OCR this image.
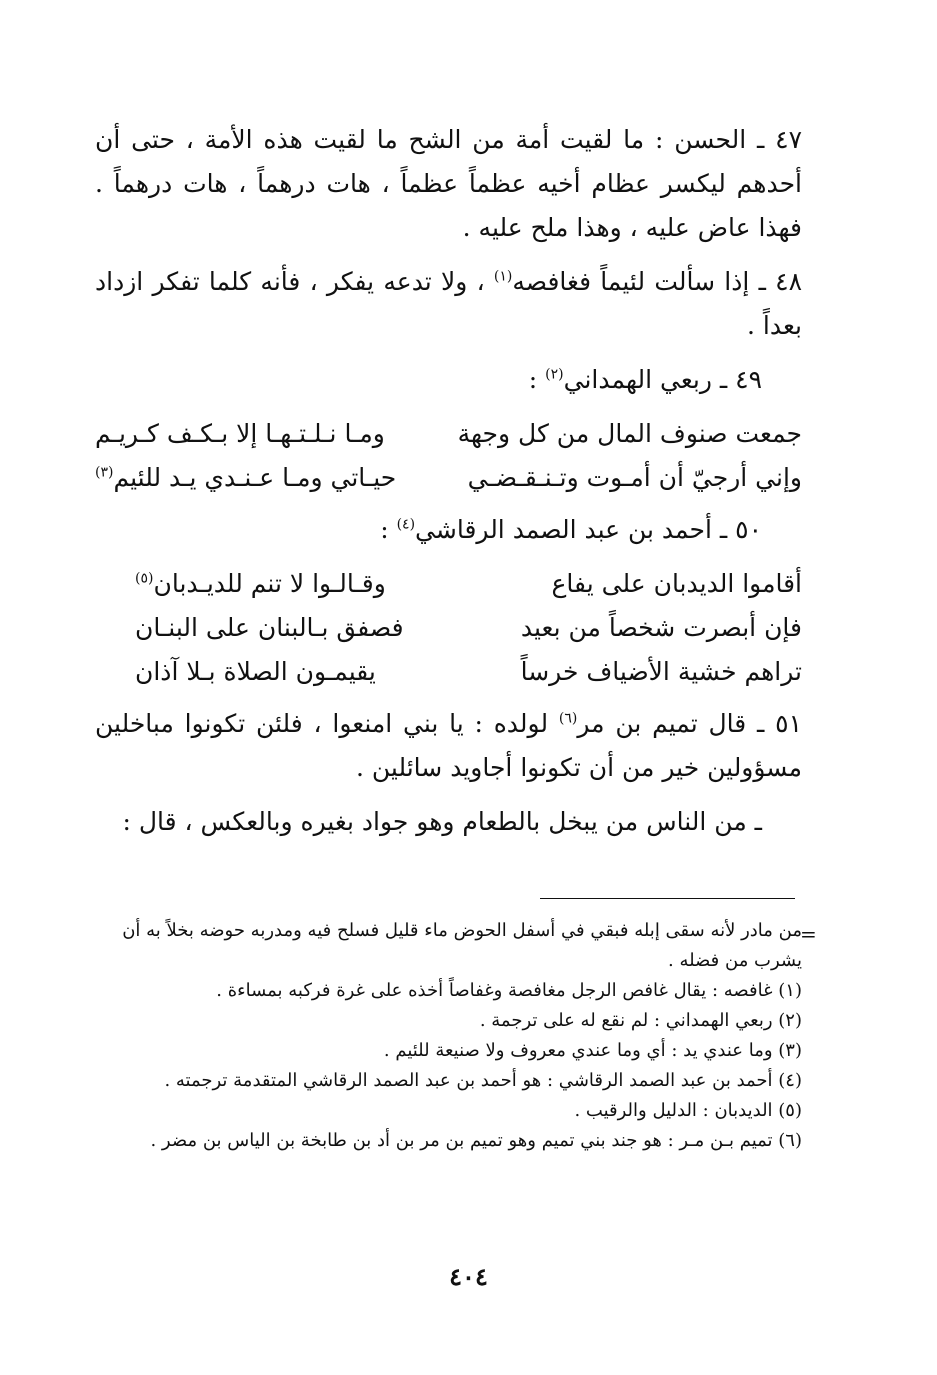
٤٧ ـ الحسن : ما لقيت أمة من الشح ما لقيت هذه الأمة ، حتى أن أحدهم ليكسر عظام أخيه عظماً عظماً ، هات درهماً ، هات درهماً . فهذا عاض عليه ، وهذا ملح عليه .

٤٨ ـ إذا سألت لئيماً فغافصه$^{(١)}$ ، ولا تدعه يفكر ، فأنه كلما تفكر ازداد بعداً .

٤٩ ـ ربعي الهمداني$^{(٢)}$ :

جمعت صنوف المال من كل وجهة
ومـا نـلـتـهـا إلا بـكـف كـريـم
وإني أرجيّ أن أمـوت وتـنـقـضـي
حيـاتي ومـا عـنـدي يـد للئيم$^{(٣)}$

٥٠ ـ أحمد بن عبد الصمد الرقاشي$^{(٤)}$ :

أقاموا الديدبان على يفاع
وقـالـوا لا تنم للديـدبان$^{(٥)}$
فإن أبصرت شخصاً من بعيد
فصفق بـالبنان على البنـان
تراهم خشية الأضياف خرساً
يقيمـون الصلاة بـلا آذان

٥١ ـ قال تميم بن مر$^{(٦)}$ لولده : يا بني امنعوا ، فلئن تكونوا مباخلين مسؤولين خير من أن تكونوا أجاويد سائلين .

ـ من الناس من يبخل بالطعام وهو جواد بغيره وبالعكس ، قال :

=

من مادر لأنه سقى إبله فبقي في أسفل الحوض ماء قليل فسلح فيه ومدربه حوضه بخلاً به أن يشرب من فضله .

(١) غافصه : يقال غافص الرجل مغافصة وغفاصاً أخذه على غرة فركبه بمساءة .

(٢) ربعي الهمداني : لم نقع له على ترجمة .

(٣) وما عندي يد : أي وما عندي معروف ولا صنيعة للئيم .

(٤) أحمد بن عبد الصمد الرقاشي : هو أحمد بن عبد الصمد الرقاشي المتقدمة ترجمته .

(٥) الديدبان : الدليل والرقيب .

(٦) تميم بـن مـر : هو جند بني تميم وهو تميم بن مر بن أد بن طابخة بن الياس بن مضر .

٤٠٤
